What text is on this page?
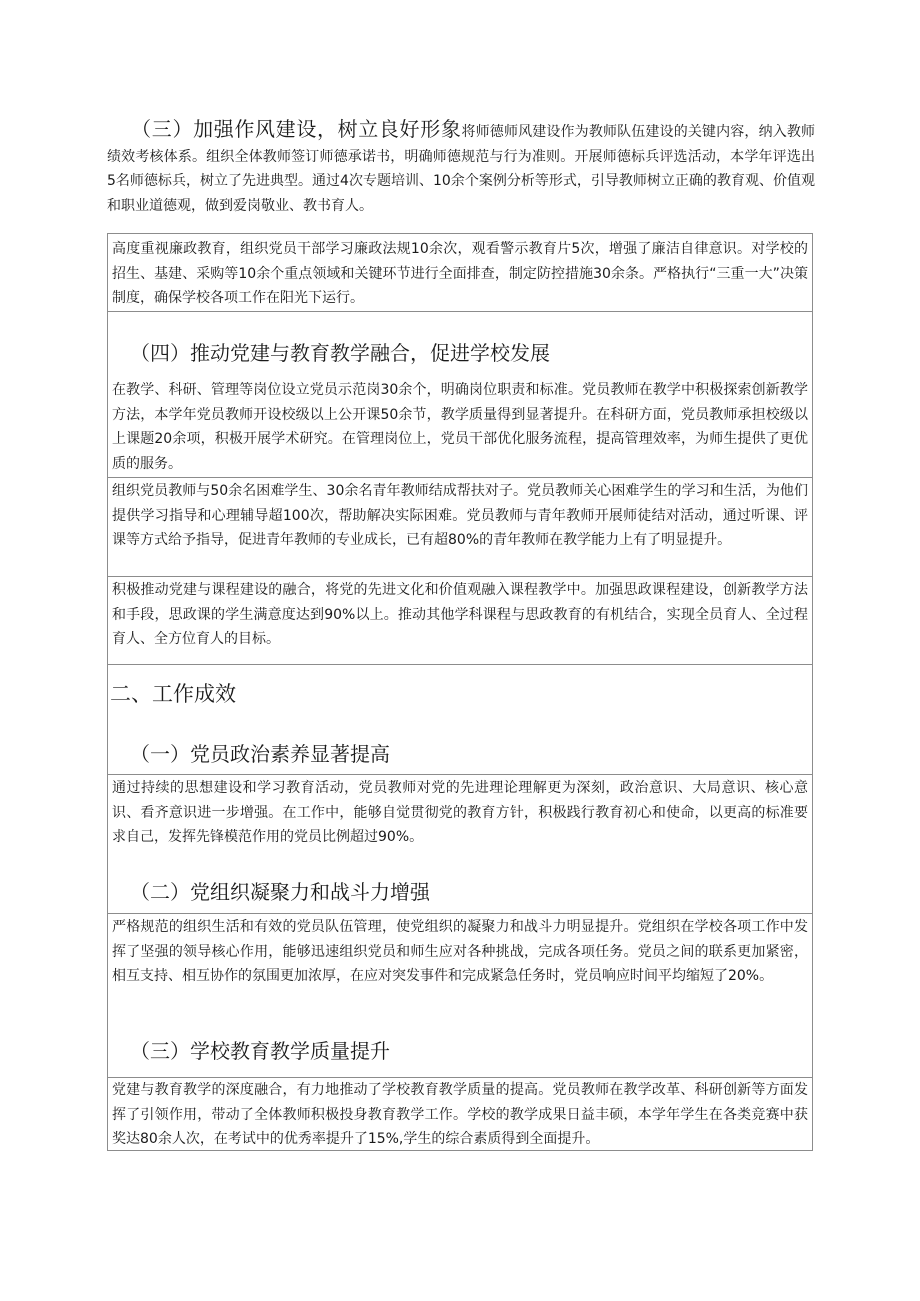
（三）加强作风建设，树立良好形象将师德师风建设作为教师队伍建设的关键内容，纳入教师绩效考核体系。组织全体教师签订师德承诺书，明确师德规范与行为准则。开展师德标兵评选活动，本学年评选出5名师德标兵，树立了先进典型。通过4次专题培训、10余个案例分析等形式，引导教师树立正确的教育观、价值观和职业道德观，做到爱岗敬业、教书育人。
高度重视廉政教育，组织党员干部学习廉政法规10余次，观看警示教育片5次，增强了廉洁自律意识。对学校的招生、基建、采购等10余个重点领域和关键环节进行全面排查，制定防控措施30余条。严格执行“三重一大”决策制度，确保学校各项工作在阳光下运行。
（四）推动党建与教育教学融合，促进学校发展
在教学、科研、管理等岗位设立党员示范岗30余个，明确岗位职责和标准。党员教师在教学中积极探索创新教学方法，本学年党员教师开设校级以上公开课50余节，教学质量得到显著提升。在科研方面，党员教师承担校级以上课题20余项，积极开展学术研究。在管理岗位上，党员干部优化服务流程，提高管理效率，为师生提供了更优质的服务。
组织党员教师与50余名困难学生、30余名青年教师结成帮扶对子。党员教师关心困难学生的学习和生活，为他们提供学习指导和心理辅导超100次，帮助解决实际困难。党员教师与青年教师开展师徒结对活动，通过听课、评课等方式给予指导，促进青年教师的专业成长，已有超80%的青年教师在教学能力上有了明显提升。
积极推动党建与课程建设的融合，将党的先进文化和价值观融入课程教学中。加强思政课程建设，创新教学方法和手段，思政课的学生满意度达到90%以上。推动其他学科课程与思政教育的有机结合，实现全员育人、全过程育人、全方位育人的目标。
二、工作成效
（一）党员政治素养显著提高
通过持续的思想建设和学习教育活动，党员教师对党的先进理论理解更为深刻，政治意识、大局意识、核心意识、看齐意识进一步增强。在工作中，能够自觉贯彻党的教育方针，积极践行教育初心和使命，以更高的标准要求自己，发挥先锋模范作用的党员比例超过90%。
（二）党组织凝聚力和战斗力增强
严格规范的组织生活和有效的党员队伍管理，使党组织的凝聚力和战斗力明显提升。党组织在学校各项工作中发挥了坚强的领导核心作用，能够迅速组织党员和师生应对各种挑战，完成各项任务。党员之间的联系更加紧密，相互支持、相互协作的氛围更加浓厚，在应对突发事件和完成紧急任务时，党员响应时间平均缩短了20%。
（三）学校教育教学质量提升
党建与教育教学的深度融合，有力地推动了学校教育教学质量的提高。党员教师在教学改革、科研创新等方面发挥了引领作用，带动了全体教师积极投身教育教学工作。学校的教学成果日益丰硕，本学年学生在各类竞赛中获奖达80余人次，在考试中的优秀率提升了15%,学生的综合素质得到全面提升。
